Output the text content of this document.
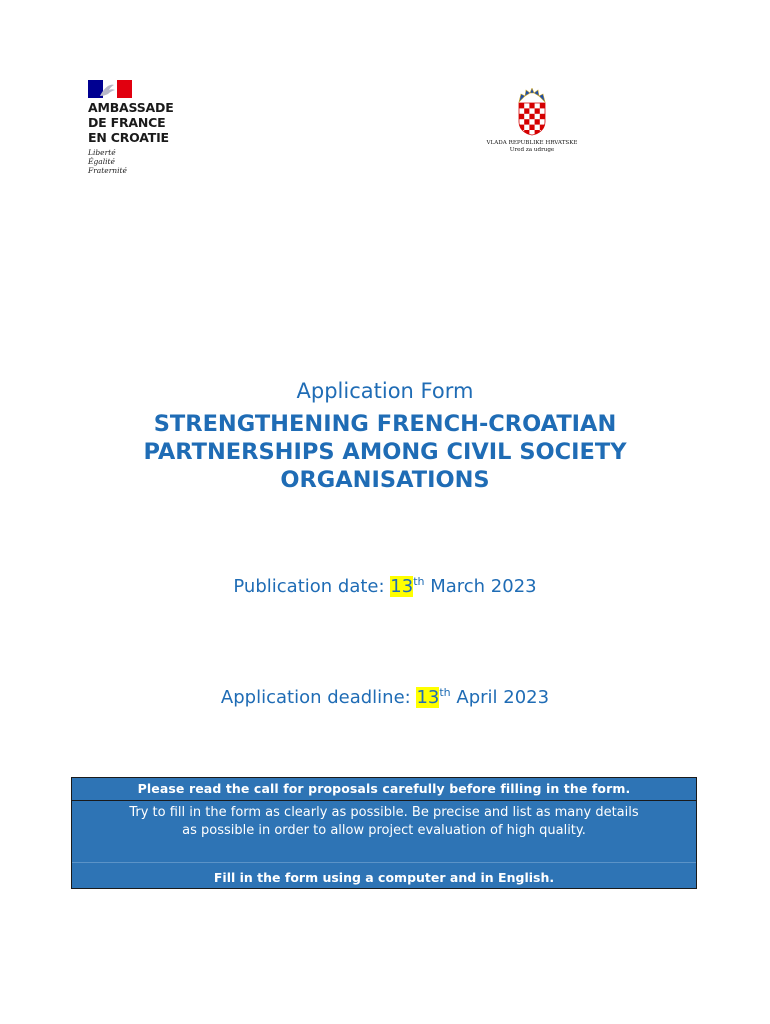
AMBASSADE
DE FRANCE
EN CROATIE
Liberté
Égalité
Fraternité
VLADA REPUBLIKE HRVATSKE
Ured za udruge
Application Form
STRENGTHENING FRENCH-CROATIAN
PARTNERSHIPS AMONG CIVIL SOCIETY
ORGANISATIONS
Publication date: 13th March 2023
Application deadline: 13th April 2023
Please read the call for proposals carefully before filling in the form.
Try to fill in the form as clearly as possible. Be precise and list as many details
as possible in order to allow project evaluation of high quality.
Fill in the form using a computer and in English.
